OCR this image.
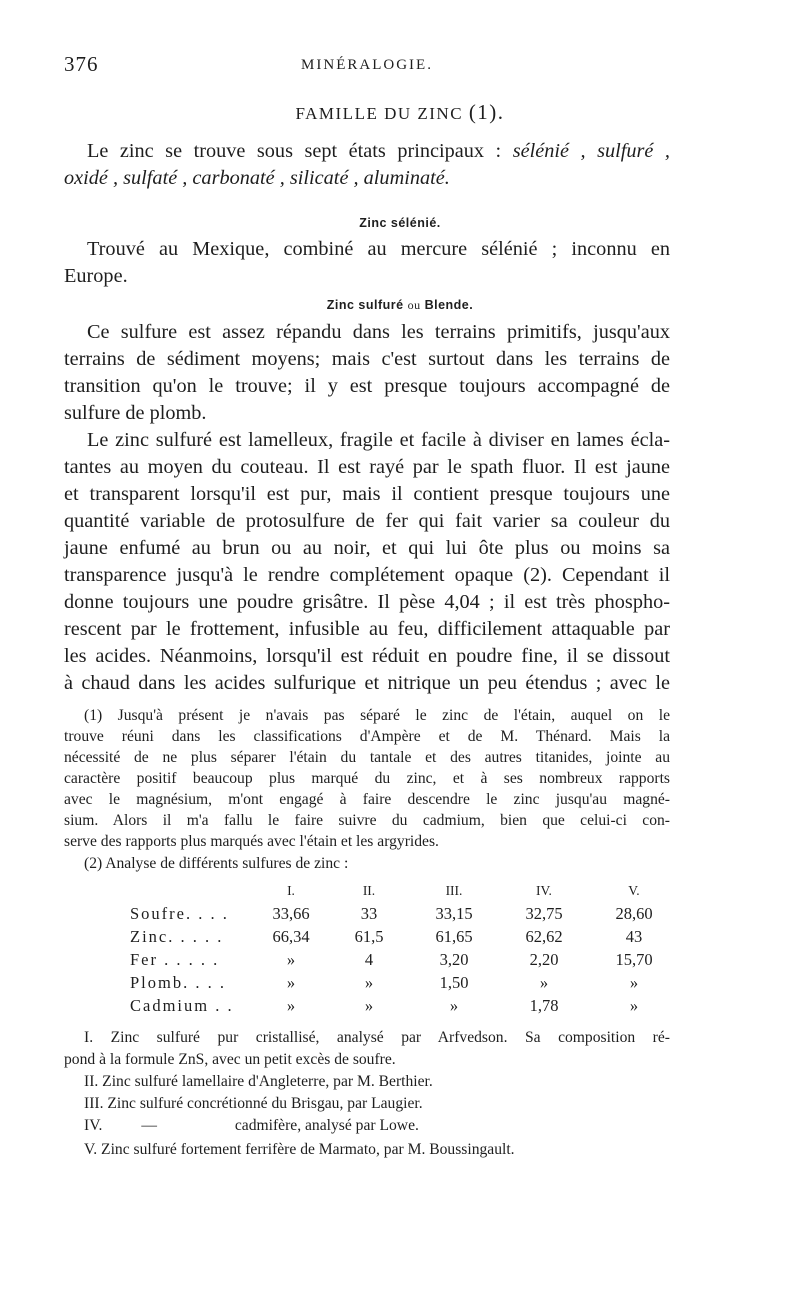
376	MINÉRALOGIE.
FAMILLE DU ZINC (1).
Le zinc se trouve sous sept états principaux : sélénié , sulfuré ,
oxidé , sulfaté , carbonaté , silicaté , aluminaté.
Zinc sélénié.
Trouvé au Mexique, combiné au mercure sélénié ; inconnu en
Europe.
Zinc sulfuré ou Blende.
Ce sulfure est assez répandu dans les terrains primitifs, jusqu'aux
terrains de sédiment moyens; mais c'est surtout dans les terrains de
transition qu'on le trouve; il y est presque toujours accompagné de
sulfure de plomb.
Le zinc sulfuré est lamelleux, fragile et facile à diviser en lames écla-
tantes au moyen du couteau. Il est rayé par le spath fluor. Il est jaune
et transparent lorsqu'il est pur, mais il contient presque toujours une
quantité variable de protosulfure de fer qui fait varier sa couleur du
jaune enfumé au brun ou au noir, et qui lui ôte plus ou moins sa
transparence jusqu'à le rendre complétement opaque (2). Cependant il
donne toujours une poudre grisâtre. Il pèse 4,04 ; il est très phospho-
rescent par le frottement, infusible au feu, difficilement attaquable par
les acides. Néanmoins, lorsqu'il est réduit en poudre fine, il se dissout
à chaud dans les acides sulfurique et nitrique un peu étendus ; avec le
(1) Jusqu'à présent je n'avais pas séparé le zinc de l'étain, auquel on le
trouve réuni dans les classifications d'Ampère et de M. Thénard. Mais la
nécessité de ne plus séparer l'étain du tantale et des autres titanides, jointe au
caractère positif beaucoup plus marqué du zinc, et à ses nombreux rapports
avec le magnésium, m'ont engagé à faire descendre le zinc jusqu'au magné-
sium. Alors il m'a fallu le faire suivre du cadmium, bien que celui-ci con-
serve des rapports plus marqués avec l'étain et les argyrides.
(2) Analyse de différents sulfures de zinc :
	I.	II.	III.	IV.	V.
Soufre. . . .	33,66	33	33,15	32,75	28,60
Zinc. . . . .	66,34	61,5	61,65	62,62	43
Fer . . . . .	»	4	3,20	2,20	15,70
Plomb. . . .	»	»	1,50	»	»
Cadmium . .	»	»	»	1,78	»
I. Zinc sulfuré pur cristallisé, analysé par Arfvedson. Sa composition ré-
pond à la formule ZnS, avec un petit excès de soufre.
II. Zinc sulfuré lamellaire d'Angleterre, par M. Berthier.
III. Zinc sulfuré concrétionné du Brisgau, par Laugier.
IV.          —                    cadmifère, analysé par Lowe.
V. Zinc sulfuré fortement ferrifère de Marmato, par M. Boussingault.
